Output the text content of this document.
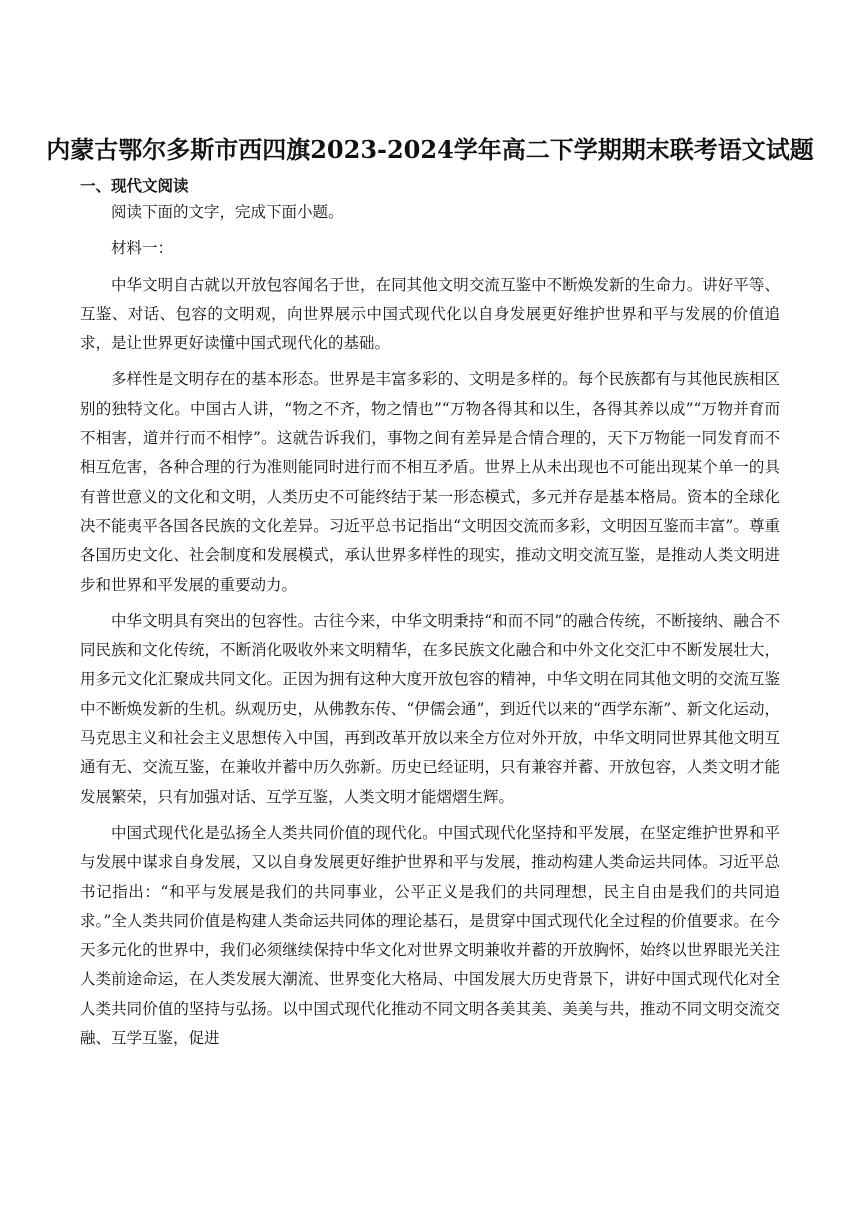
内蒙古鄂尔多斯市西四旗2023-2024学年高二下学期期末联考语文试题
一、现代文阅读

阅读下面的文字，完成下面小题。

材料一：

中华文明自古就以开放包容闻名于世，在同其他文明交流互鉴中不断焕发新的生命力。讲好平等、互鉴、对话、包容的文明观，向世界展示中国式现代化以自身发展更好维护世界和平与发展的价值追求，是让世界更好读懂中国式现代化的基础。

多样性是文明存在的基本形态。世界是丰富多彩的、文明是多样的。每个民族都有与其他民族相区别的独特文化。中国古人讲，“物之不齐，物之情也”“万物各得其和以生，各得其养以成”“万物并育而不相害，道并行而不相悖”。这就告诉我们，事物之间有差异是合情合理的，天下万物能一同发育而不相互危害，各种合理的行为准则能同时进行而不相互矛盾。世界上从未出现也不可能出现某个单一的具有普世意义的文化和文明，人类历史不可能终结于某一形态模式，多元并存是基本格局。资本的全球化决不能夷平各国各民族的文化差异。习近平总书记指出“文明因交流而多彩，文明因互鉴而丰富”。尊重各国历史文化、社会制度和发展模式，承认世界多样性的现实，推动文明交流互鉴，是推动人类文明进步和世界和平发展的重要动力。

中华文明具有突出的包容性。古往今来，中华文明秉持“和而不同”的融合传统，不断接纳、融合不同民族和文化传统，不断消化吸收外来文明精华，在多民族文化融合和中外文化交汇中不断发展壮大，用多元文化汇聚成共同文化。正因为拥有这种大度开放包容的精神，中华文明在同其他文明的交流互鉴中不断焕发新的生机。纵观历史，从佛教东传、“伊儒会通”，到近代以来的“西学东渐”、新文化运动，马克思主义和社会主义思想传入中国，再到改革开放以来全方位对外开放，中华文明同世界其他文明互通有无、交流互鉴，在兼收并蓄中历久弥新。历史已经证明，只有兼容并蓄、开放包容，人类文明才能发展繁荣，只有加强对话、互学互鉴，人类文明才能熠熠生辉。

中国式现代化是弘扬全人类共同价值的现代化。中国式现代化坚持和平发展，在坚定维护世界和平与发展中谋求自身发展，又以自身发展更好维护世界和平与发展，推动构建人类命运共同体。习近平总书记指出：“和平与发展是我们的共同事业，公平正义是我们的共同理想，民主自由是我们的共同追求。”全人类共同价值是构建人类命运共同体的理论基石，是贯穿中国式现代化全过程的价值要求。在今天多元化的世界中，我们必须继续保持中华文化对世界文明兼收并蓄的开放胸怀，始终以世界眼光关注人类前途命运，在人类发展大潮流、世界变化大格局、中国发展大历史背景下，讲好中国式现代化对全人类共同价值的坚持与弘扬。以中国式现代化推动不同文明各美其美、美美与共，推动不同文明交流交融、互学互鉴，促进
